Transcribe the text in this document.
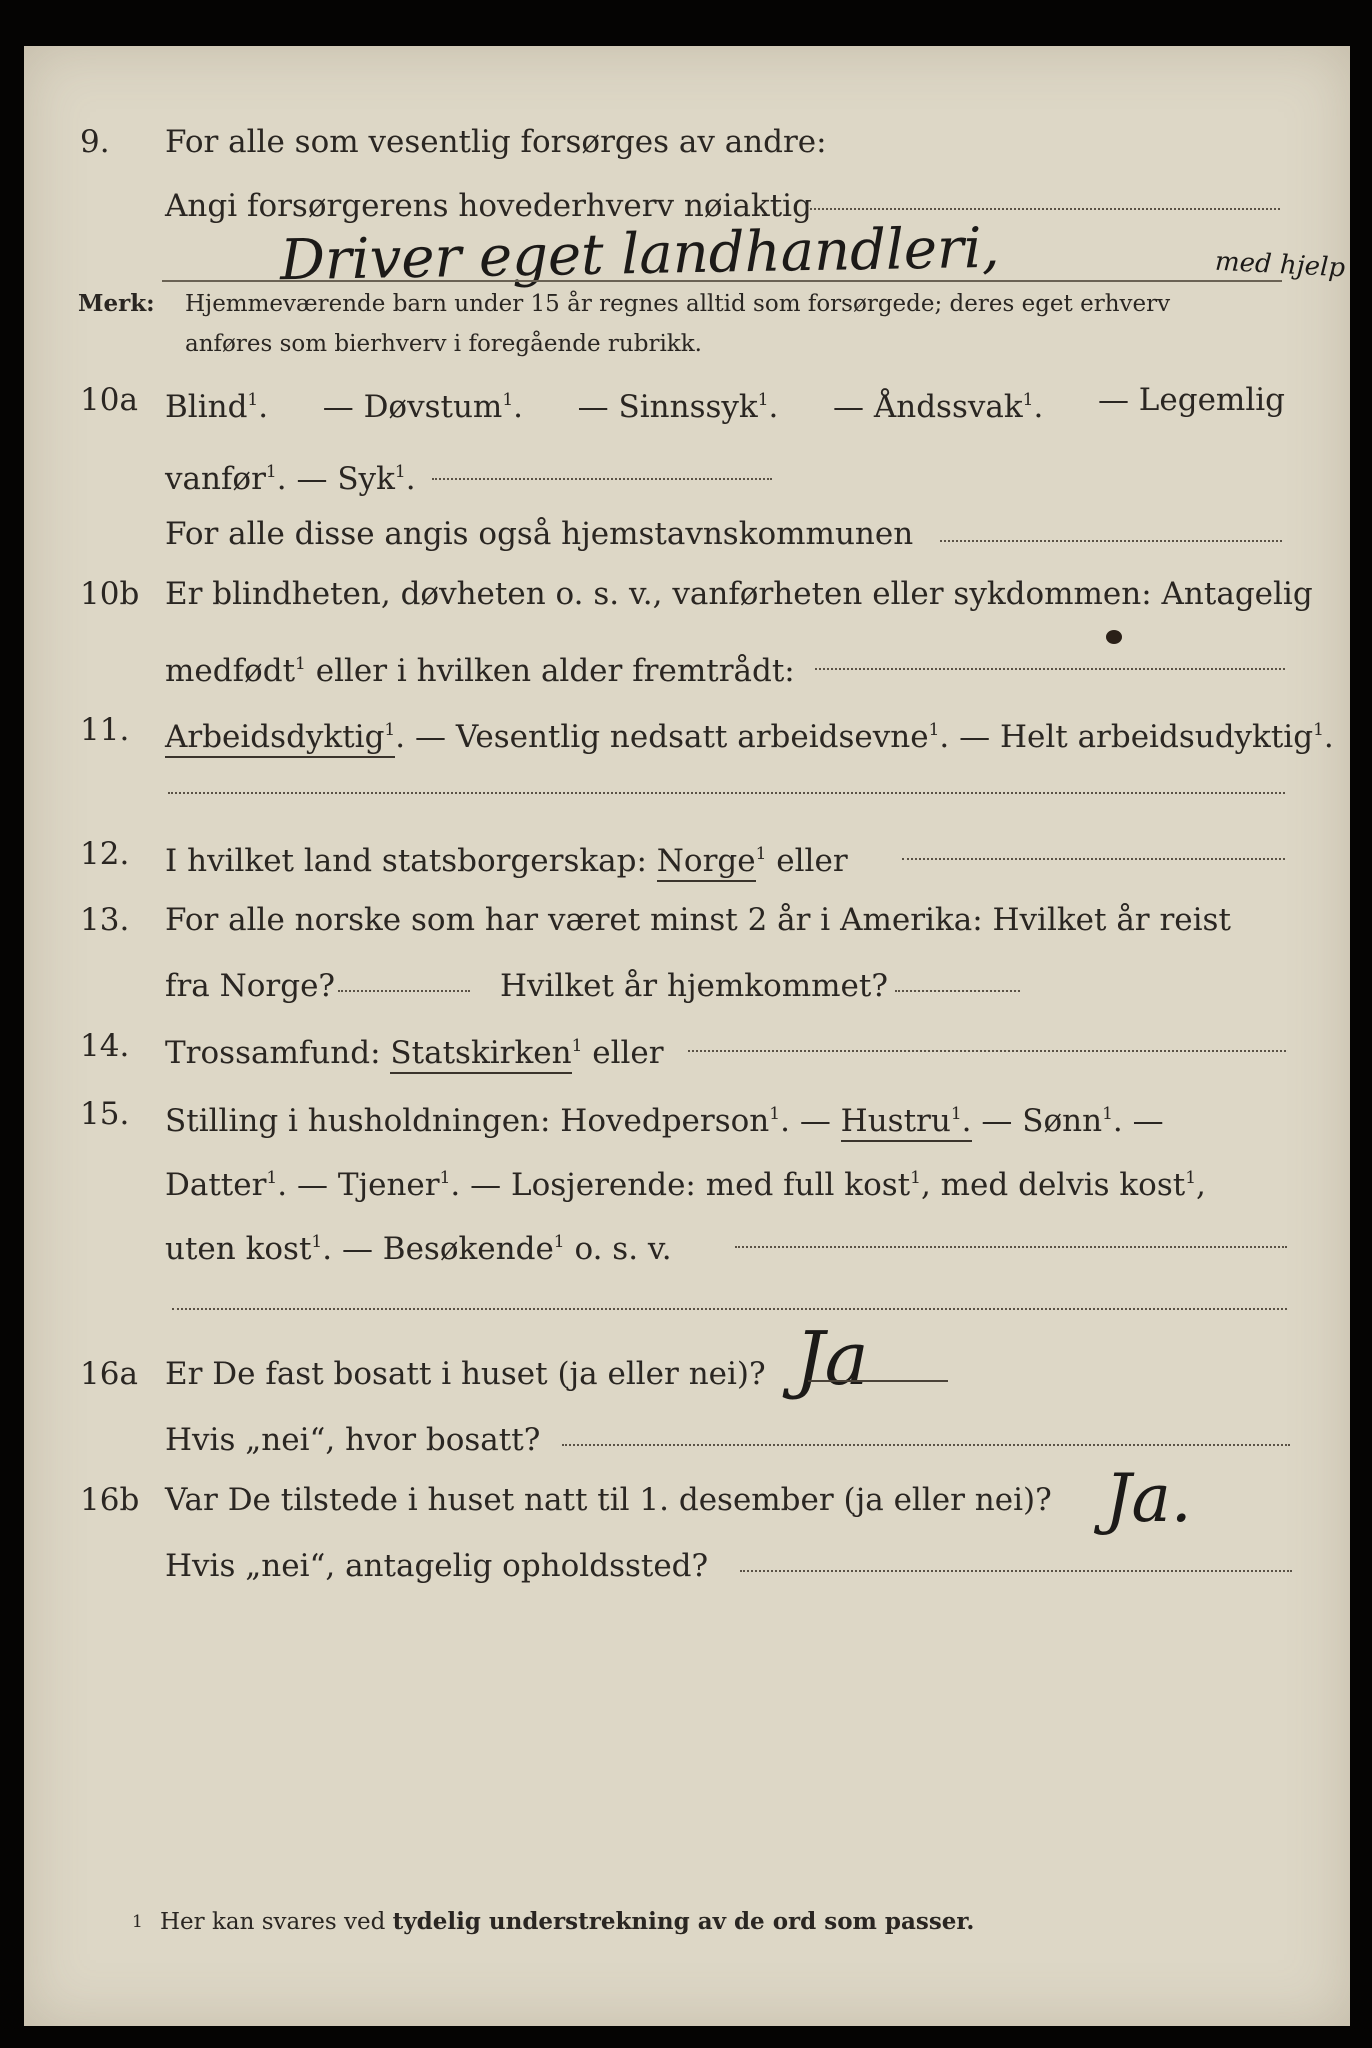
9. For alle som vesentlig forsørges av andre:
Angi forsørgerens hovederhverv nøiaktig
Driver eget landhandleri,	med hjelp
Merk: Hjemmeværende barn under 15 år regnes alltid som forsørgede; deres eget erhverv
anføres som bierhverv i foregående rubrikk.
10a Blind$^1$. — Døvstum$^1$. — Sinnssyk$^1$. — Åndssvak$^1$. — Legemlig
vanfør$^1$. — Syk$^1$.
For alle disse angis også hjemstavnskommunen
10b Er blindheten, døvheten o. s. v., vanførheten eller sykdommen: Antagelig
medfødt$^1$ eller i hvilken alder fremtrådt:
11. Arbeidsdyktig$^1$. — Vesentlig nedsatt arbeidsevne$^1$. — Helt arbeidsudyktig$^1$.
12. I hvilket land statsborgerskap: Norge$^1$ eller
13. For alle norske som har været minst 2 år i Amerika: Hvilket år reist
fra Norge?	Hvilket år hjemkommet?
14. Trossamfund: Statskirken$^1$ eller
15. Stilling i husholdningen: Hovedperson$^1$. — Hustru$^1$. — Sønn$^1$. —
Datter$^1$. — Tjener$^1$. — Losjerende: med full kost$^1$, med delvis kost$^1$,
uten kost$^1$. — Besøkende$^1$ o. s. v.
16a Er De fast bosatt i huset (ja eller nei)? Ja
Hvis „nei“, hvor bosatt?
16b Var De tilstede i huset natt til 1. desember (ja eller nei)? Ja.
Hvis „nei“, antagelig opholdssted?
1 Her kan svares ved tydelig understrekning av de ord som passer.
